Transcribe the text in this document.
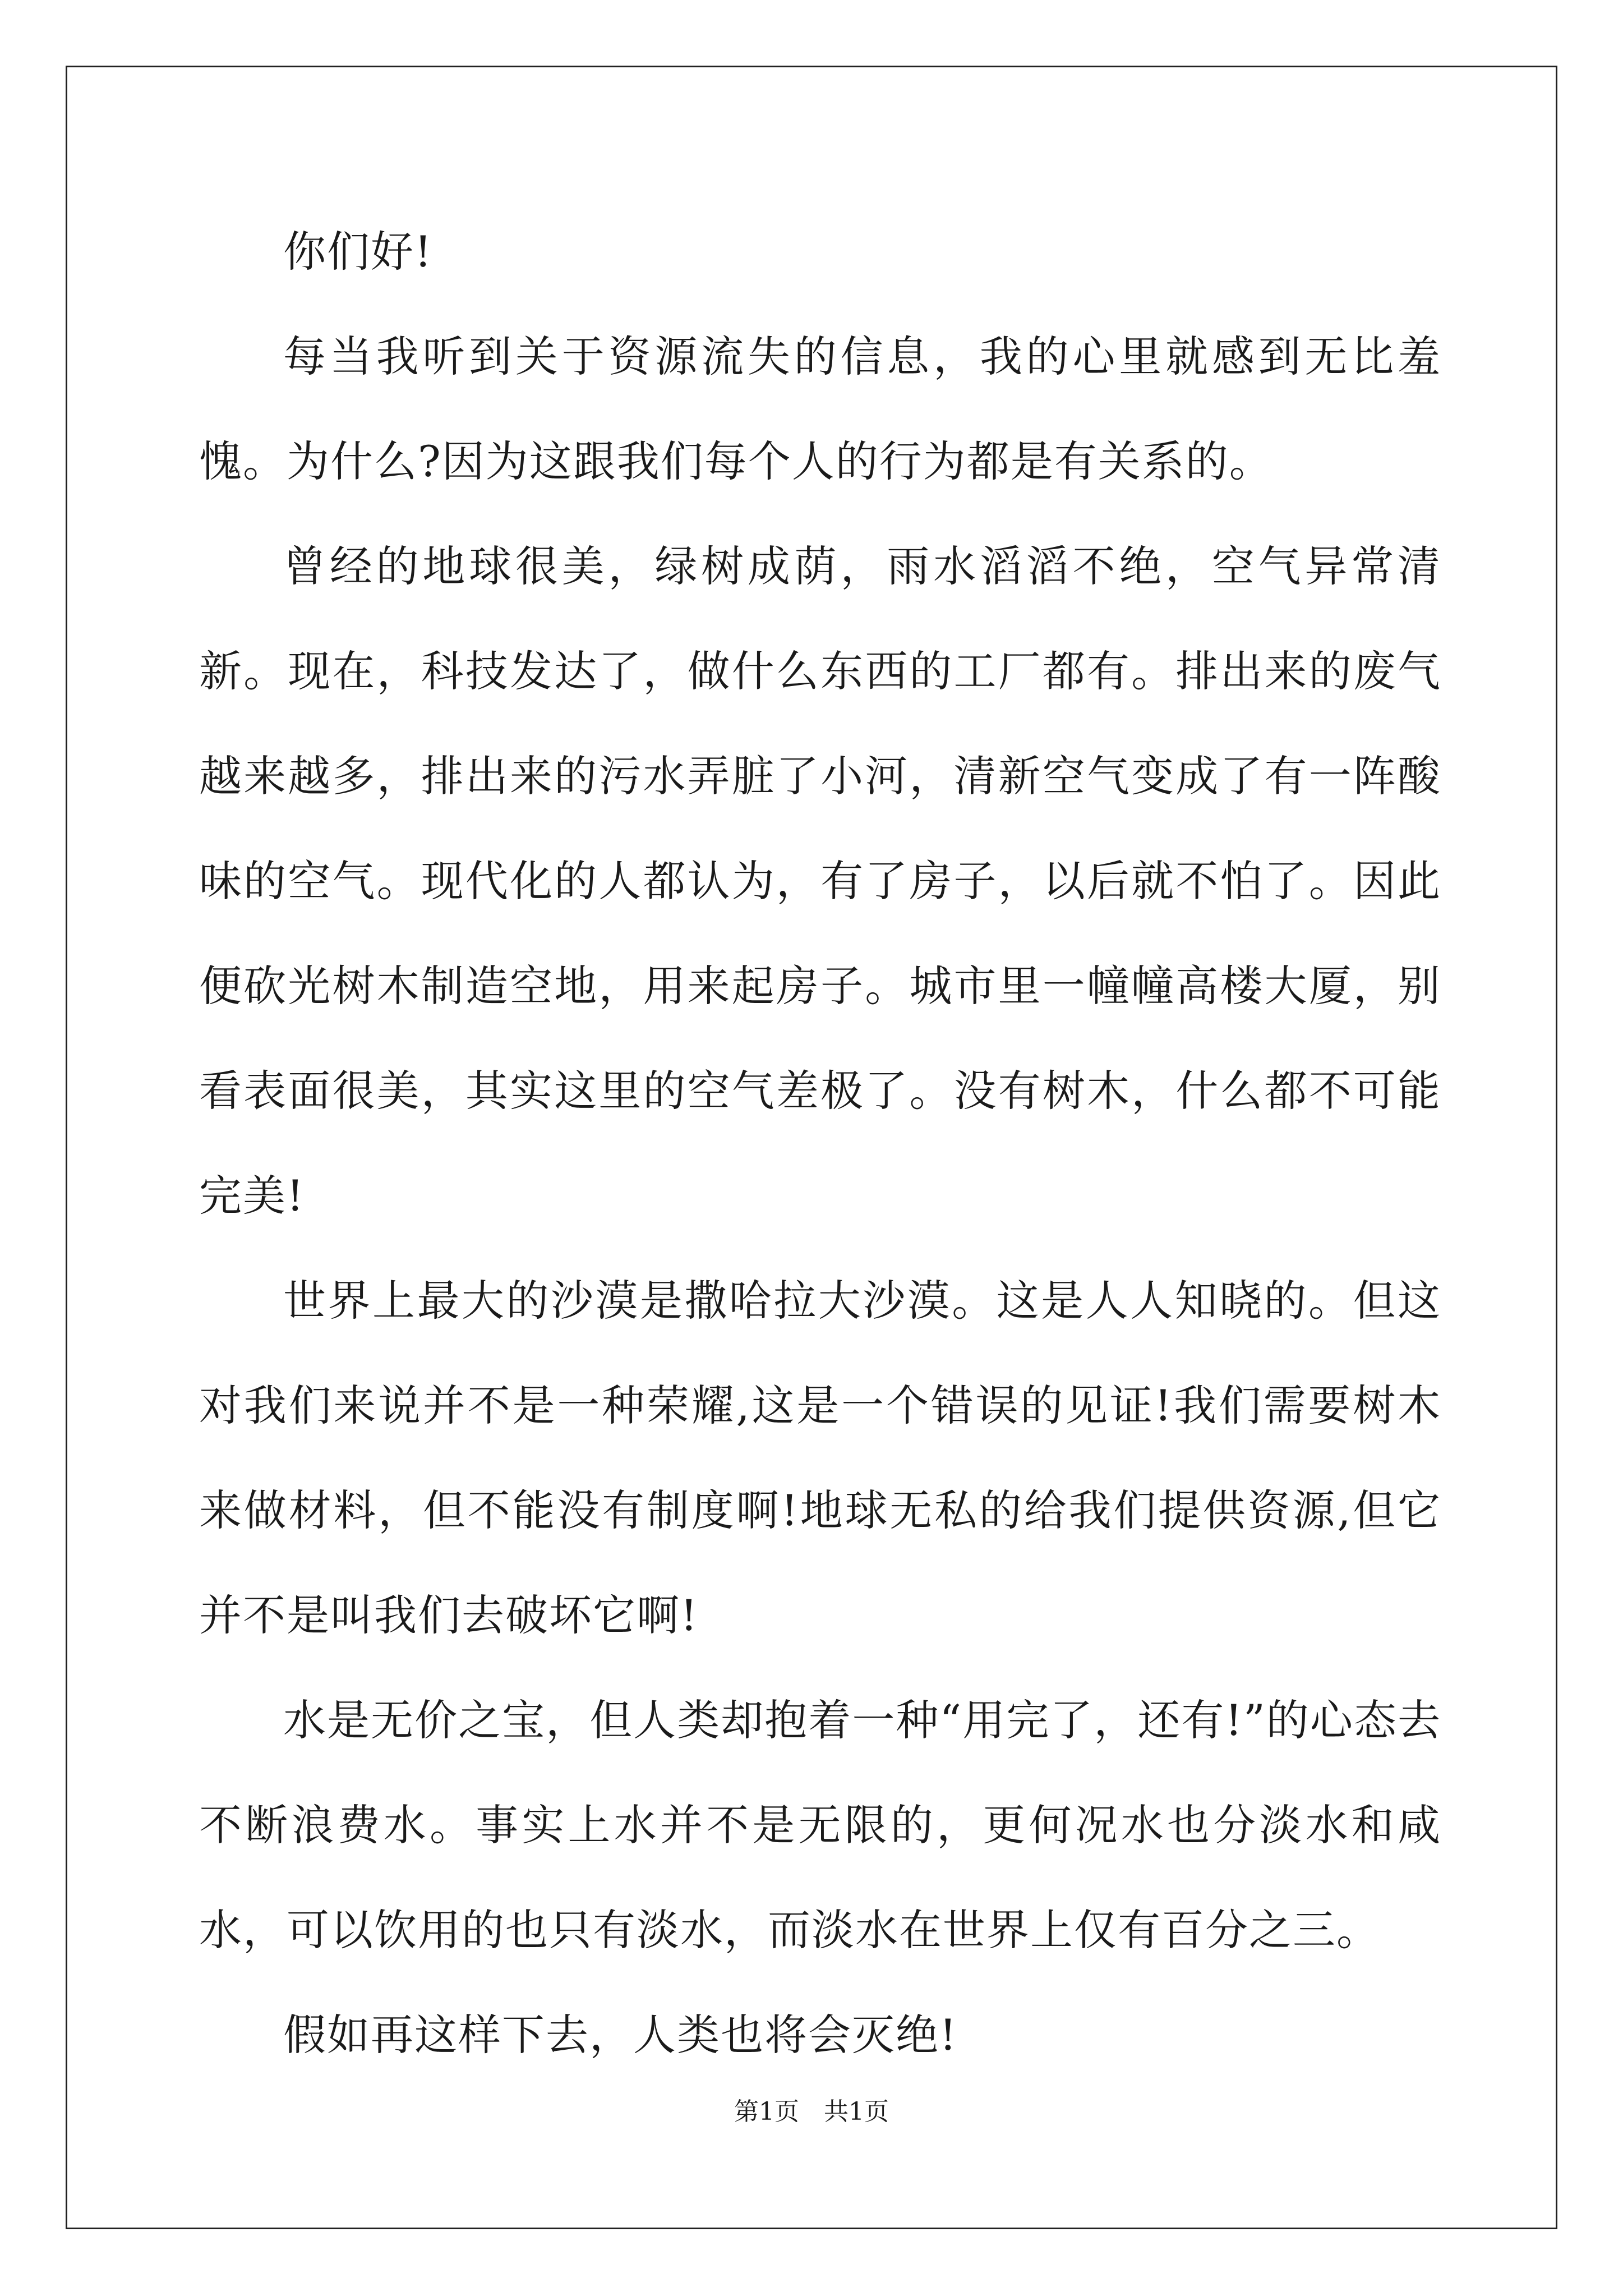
你们好!

每当我听到关于资源流失的信息，我的心里就感到无比羞愧。为什么?因为这跟我们每个人的行为都是有关系的。

曾经的地球很美，绿树成荫，雨水滔滔不绝，空气异常清新。现在，科技发达了，做什么东西的工厂都有。排出来的废气越来越多，排出来的污水弄脏了小河，清新空气变成了有一阵酸味的空气。现代化的人都认为，有了房子，以后就不怕了。因此便砍光树木制造空地，用来起房子。城市里一幢幢高楼大厦，别看表面很美，其实这里的空气差极了。没有树木，什么都不可能完美!

世界上最大的沙漠是撒哈拉大沙漠。这是人人知晓的。但这对我们来说并不是一种荣耀,这是一个错误的见证!我们需要树木来做材料，但不能没有制度啊!地球无私的给我们提供资源,但它并不是叫我们去破坏它啊!

水是无价之宝，但人类却抱着一种“用完了，还有!”的心态去不断浪费水。事实上水并不是无限的，更何况水也分淡水和咸水，可以饮用的也只有淡水，而淡水在世界上仅有百分之三。

假如再这样下去，人类也将会灭绝!

第1页　共1页
